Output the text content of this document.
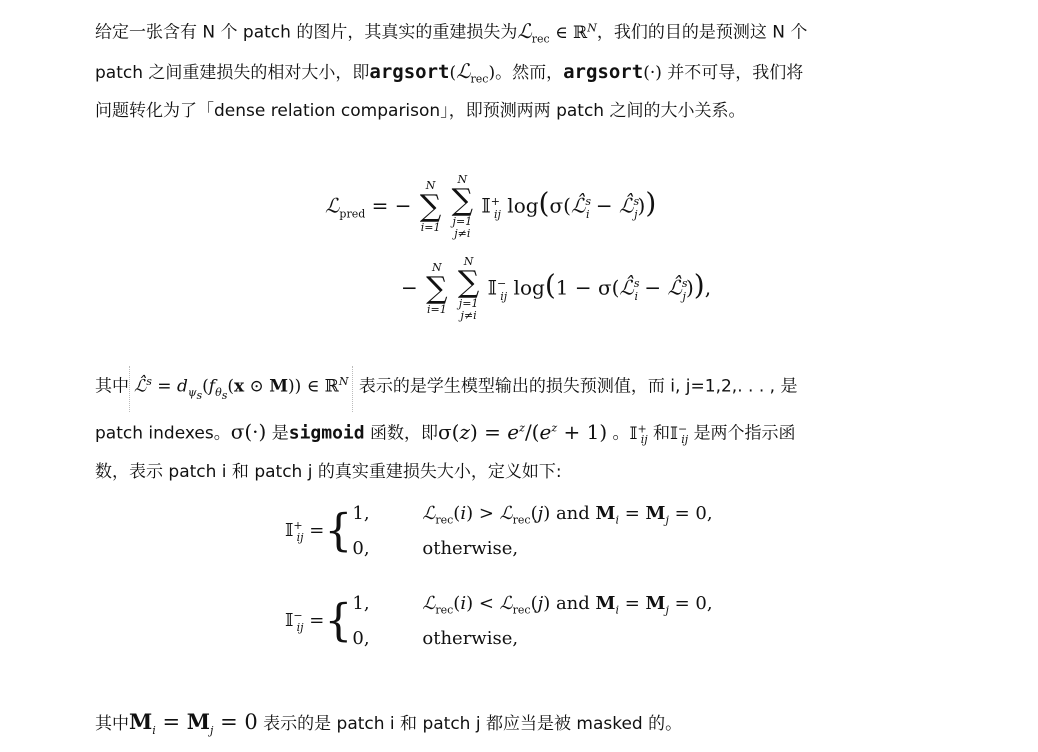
给定一张含有 N 个 patch 的图片，其真实的重建损失为ℒ$_{rec}$ ∈ ℝ$^N$，我们的目的是预测这 N 个
patch 之间重建损失的相对大小，即argsort(ℒ$_{rec}$)。然而，argsort(·) 并不可导，我们将
问题转化为了「dense relation comparison」，即预测两两 patch 之间的大小关系。
ℒ$_{pred}$ = −
N
∑
i=1

N
∑
j=1
j≠i
𝕀+$_{ij}$ log(σ(ℒ̂$^s_i$ − ℒ̂$^s_j$))
−
N
∑
i=1

N
∑
j=1
j≠i
𝕀−$_{ij}$ log(1 − σ(ℒ̂$^s_i$ − ℒ̂$^s_j$)),
其中 ℒ̂$^s$ = $d_{\psi_s}(f_{\theta_s}(x$ ⊙ M)) ∈ ℝ$^N$ 表示的是学生模型输出的损失预测值，而 i, j=1,2,. . . , 是
patch indexes。σ(·) 是sigmoid 函数，即$\sigma(z) = e^z/(e^z + 1)$ 。𝕀+$_{ij}$ 和𝕀−$_{ij}$ 是两个指示函
数，表示 patch i 和 patch j 的真实重建损失大小，定义如下:
𝕀+$_{ij}$ ={1,	ℒ$_{rec}$(i) > ℒ$_{rec}$(j) and $M_i = M_j = 0$,
0,	otherwise,
𝕀−$_{ij}$ ={1,	ℒ$_{rec}$(i) < ℒ$_{rec}$(j) and $M_i = M_j = 0$,
0,	otherwise,
其中$M_i = M_j = 0$ 表示的是 patch i 和 patch j 都应当是被 masked 的。
